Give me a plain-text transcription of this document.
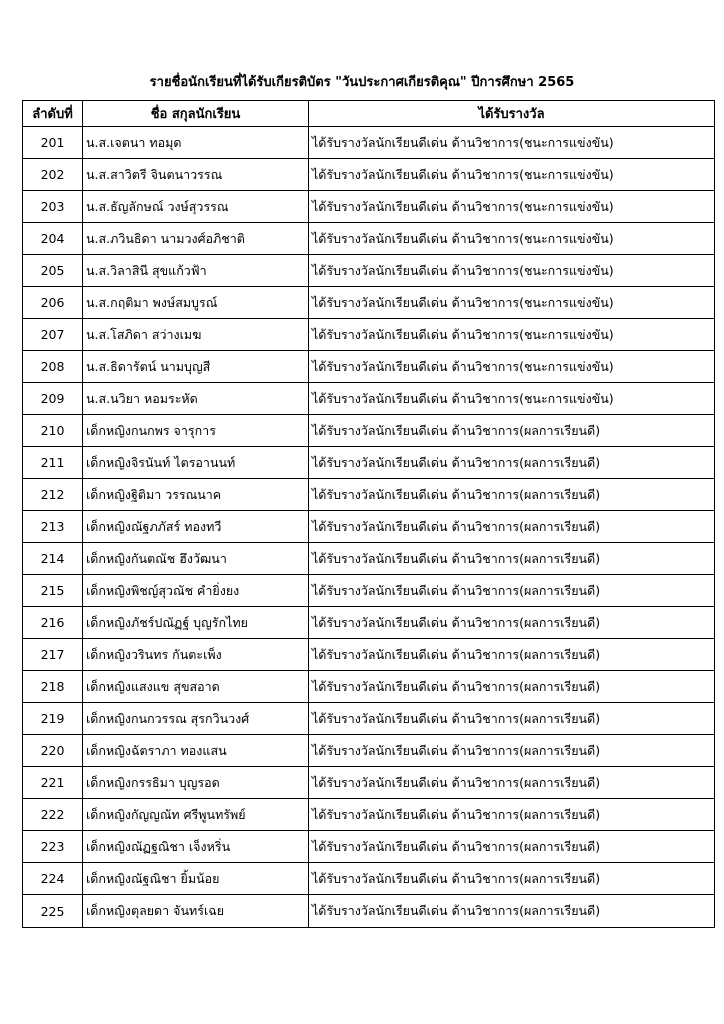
รายชื่อนักเรียนที่ได้รับเกียรติบัตร "วันประกาศเกียรติคุณ" ปีการศึกษา 2565
ลำดับที่	ชื่อ สกุลนักเรียน	ได้รับรางวัล
201	น.ส.เจตนา ทอมุด	ได้รับรางวัลนักเรียนดีเด่น ด้านวิชาการ(ชนะการแข่งขัน)
202	น.ส.สาวิตรี จินตนาวรรณ	ได้รับรางวัลนักเรียนดีเด่น ด้านวิชาการ(ชนะการแข่งขัน)
203	น.ส.ธัญลักษณ์ วงษ์สุวรรณ	ได้รับรางวัลนักเรียนดีเด่น ด้านวิชาการ(ชนะการแข่งขัน)
204	น.ส.ภวินธิดา นามวงศ์อภิชาติ	ได้รับรางวัลนักเรียนดีเด่น ด้านวิชาการ(ชนะการแข่งขัน)
205	น.ส.วิลาสินี สุขแก้วฟ้า	ได้รับรางวัลนักเรียนดีเด่น ด้านวิชาการ(ชนะการแข่งขัน)
206	น.ส.กฤติมา พงษ์สมบูรณ์	ได้รับรางวัลนักเรียนดีเด่น ด้านวิชาการ(ชนะการแข่งขัน)
207	น.ส.โสภิดา สว่างเมฆ	ได้รับรางวัลนักเรียนดีเด่น ด้านวิชาการ(ชนะการแข่งขัน)
208	น.ส.ธิดารัตน์ นามบุญสี	ได้รับรางวัลนักเรียนดีเด่น ด้านวิชาการ(ชนะการแข่งขัน)
209	น.ส.นวิยา หอมระหัด	ได้รับรางวัลนักเรียนดีเด่น ด้านวิชาการ(ชนะการแข่งขัน)
210	เด็กหญิงกนกพร จารุการ	ได้รับรางวัลนักเรียนดีเด่น ด้านวิชาการ(ผลการเรียนดี)
211	เด็กหญิงจิรนันท์ ไตรอานนท์	ได้รับรางวัลนักเรียนดีเด่น ด้านวิชาการ(ผลการเรียนดี)
212	เด็กหญิงฐิติมา วรรณนาค	ได้รับรางวัลนักเรียนดีเด่น ด้านวิชาการ(ผลการเรียนดี)
213	เด็กหญิงณัฐภภัสร์ ทองทวี	ได้รับรางวัลนักเรียนดีเด่น ด้านวิชาการ(ผลการเรียนดี)
214	เด็กหญิงกันตณัช ฮึงวัฒนา	ได้รับรางวัลนักเรียนดีเด่น ด้านวิชาการ(ผลการเรียนดี)
215	เด็กหญิงพิชญ์สุวณัช คำยิ่งยง	ได้รับรางวัลนักเรียนดีเด่น ด้านวิชาการ(ผลการเรียนดี)
216	เด็กหญิงภัชร์ปณัฏฐ์ บุญรักไทย	ได้รับรางวัลนักเรียนดีเด่น ด้านวิชาการ(ผลการเรียนดี)
217	เด็กหญิงวรินทร กันตะเพ็ง	ได้รับรางวัลนักเรียนดีเด่น ด้านวิชาการ(ผลการเรียนดี)
218	เด็กหญิงแสงแข สุขสอาด	ได้รับรางวัลนักเรียนดีเด่น ด้านวิชาการ(ผลการเรียนดี)
219	เด็กหญิงกนกวรรณ สุรกวินวงศ์	ได้รับรางวัลนักเรียนดีเด่น ด้านวิชาการ(ผลการเรียนดี)
220	เด็กหญิงฉัตราภา ทองแสน	ได้รับรางวัลนักเรียนดีเด่น ด้านวิชาการ(ผลการเรียนดี)
221	เด็กหญิงกรรธิมา บุญรอด	ได้รับรางวัลนักเรียนดีเด่น ด้านวิชาการ(ผลการเรียนดี)
222	เด็กหญิงกัญญณัท ศรีพูนทรัพย์	ได้รับรางวัลนักเรียนดีเด่น ด้านวิชาการ(ผลการเรียนดี)
223	เด็กหญิงณัฏฐณิชา เจ็งหริ่น	ได้รับรางวัลนักเรียนดีเด่น ด้านวิชาการ(ผลการเรียนดี)
224	เด็กหญิงณัฐณิชา ยิ้มน้อย	ได้รับรางวัลนักเรียนดีเด่น ด้านวิชาการ(ผลการเรียนดี)
225	เด็กหญิงตุลยดา จันทร์เฉย	ได้รับรางวัลนักเรียนดีเด่น ด้านวิชาการ(ผลการเรียนดี)
